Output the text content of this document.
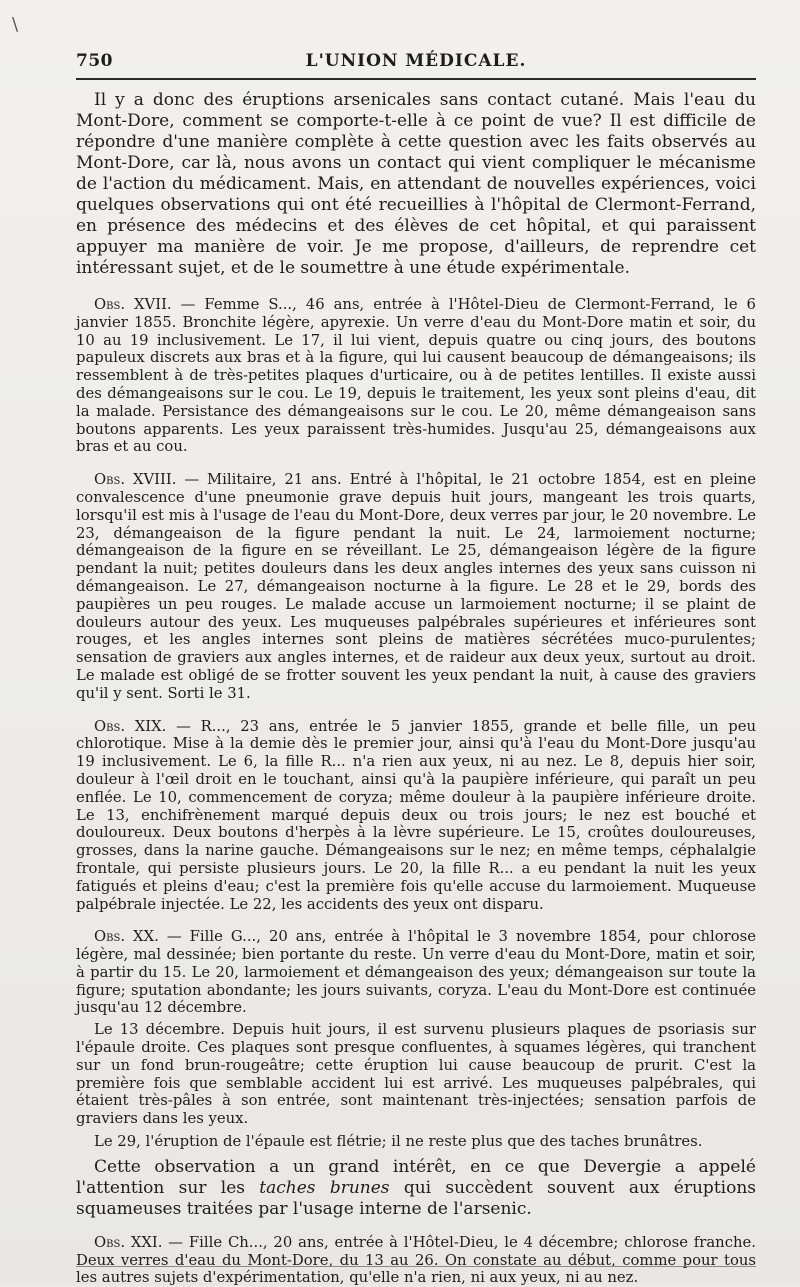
\
750	L'UNION MÉDICALE.

Il y a donc des éruptions arsenicales sans contact cutané. Mais l'eau du Mont-Dore, comment se comporte-t-elle à ce point de vue? Il est difficile de répondre d'une manière complète à cette question avec les faits observés au Mont-Dore, car là, nous avons un contact qui vient compliquer le mécanisme de l'action du médicament. Mais, en attendant de nouvelles expériences, voici quelques observations qui ont été recueillies à l'hôpital de Clermont-Ferrand, en présence des médecins et des élèves de cet hôpital, et qui paraissent appuyer ma manière de voir. Je me propose, d'ailleurs, de reprendre cet intéressant sujet, et de le soumettre à une étude expérimentale.

Obs. XVII. — Femme S..., 46 ans, entrée à l'Hôtel-Dieu de Clermont-Ferrand, le 6 janvier 1855. Bronchite légère, apyrexie. Un verre d'eau du Mont-Dore matin et soir, du 10 au 19 inclusivement. Le 17, il lui vient, depuis quatre ou cinq jours, des boutons papuleux discrets aux bras et à la figure, qui lui causent beaucoup de démangeaisons; ils ressemblent à de très-petites plaques d'urticaire, ou à de petites lentilles. Il existe aussi des démangeaisons sur le cou. Le 19, depuis le traitement, les yeux sont pleins d'eau, dit la malade. Persistance des démangeaisons sur le cou. Le 20, même démangeaison sans boutons apparents. Les yeux paraissent très-humides. Jusqu'au 25, démangeaisons aux bras et au cou.

Obs. XVIII. — Militaire, 21 ans. Entré à l'hôpital, le 21 octobre 1854, est en pleine convalescence d'une pneumonie grave depuis huit jours, mangeant les trois quarts, lorsqu'il est mis à l'usage de l'eau du Mont-Dore, deux verres par jour, le 20 novembre. Le 23, démangeaison de la figure pendant la nuit. Le 24, larmoiement nocturne; démangeaison de la figure en se réveillant. Le 25, démangeaison légère de la figure pendant la nuit; petites douleurs dans les deux angles internes des yeux sans cuisson ni démangeaison. Le 27, démangeaison nocturne à la figure. Le 28 et le 29, bords des paupières un peu rouges. Le malade accuse un larmoiement nocturne; il se plaint de douleurs autour des yeux. Les muqueuses palpébrales supérieures et inférieures sont rouges, et les angles internes sont pleins de matières sécrétées muco-purulentes; sensation de graviers aux angles internes, et de raideur aux deux yeux, surtout au droit. Le malade est obligé de se frotter souvent les yeux pendant la nuit, à cause des graviers qu'il y sent. Sorti le 31.

Obs. XIX. — R..., 23 ans, entrée le 5 janvier 1855, grande et belle fille, un peu chlorotique. Mise à la demie dès le premier jour, ainsi qu'à l'eau du Mont-Dore jusqu'au 19 inclusivement. Le 6, la fille R... n'a rien aux yeux, ni au nez. Le 8, depuis hier soir, douleur à l'œil droit en le touchant, ainsi qu'à la paupière inférieure, qui paraît un peu enflée. Le 10, commencement de coryza; même douleur à la paupière inférieure droite. Le 13, enchifrènement marqué depuis deux ou trois jours; le nez est bouché et douloureux. Deux boutons d'herpès à la lèvre supérieure. Le 15, croûtes douloureuses, grosses, dans la narine gauche. Démangeaisons sur le nez; en même temps, céphalalgie frontale, qui persiste plusieurs jours. Le 20, la fille R... a eu pendant la nuit les yeux fatigués et pleins d'eau; c'est la première fois qu'elle accuse du larmoiement. Muqueuse palpébrale injectée. Le 22, les accidents des yeux ont disparu.

Obs. XX. — Fille G..., 20 ans, entrée à l'hôpital le 3 novembre 1854, pour chlorose légère, mal dessinée; bien portante du reste. Un verre d'eau du Mont-Dore, matin et soir, à partir du 15. Le 20, larmoiement et démangeaison des yeux; démangeaison sur toute la figure; sputation abondante; les jours suivants, coryza. L'eau du Mont-Dore est continuée jusqu'au 12 décembre.

Le 13 décembre. Depuis huit jours, il est survenu plusieurs plaques de psoriasis sur l'épaule droite. Ces plaques sont presque confluentes, à squames légères, qui tranchent sur un fond brun-rougeâtre; cette éruption lui cause beaucoup de prurit. C'est la première fois que semblable accident lui est arrivé. Les muqueuses palpébrales, qui étaient très-pâles à son entrée, sont maintenant très-injectées; sensation parfois de graviers dans les yeux.

Le 29, l'éruption de l'épaule est flétrie; il ne reste plus que des taches brunâtres.

Cette observation a un grand intérêt, en ce que Devergie a appelé l'attention sur les taches brunes qui succèdent souvent aux éruptions squameuses traitées par l'usage interne de l'arsenic.

Obs. XXI. — Fille Ch..., 20 ans, entrée à l'Hôtel-Dieu, le 4 décembre; chlorose franche. Deux verres d'eau du Mont-Dore, du 13 au 26. On constate au début, comme pour tous les autres sujets d'expérimentation, qu'elle n'a rien, ni aux yeux, ni au nez.
